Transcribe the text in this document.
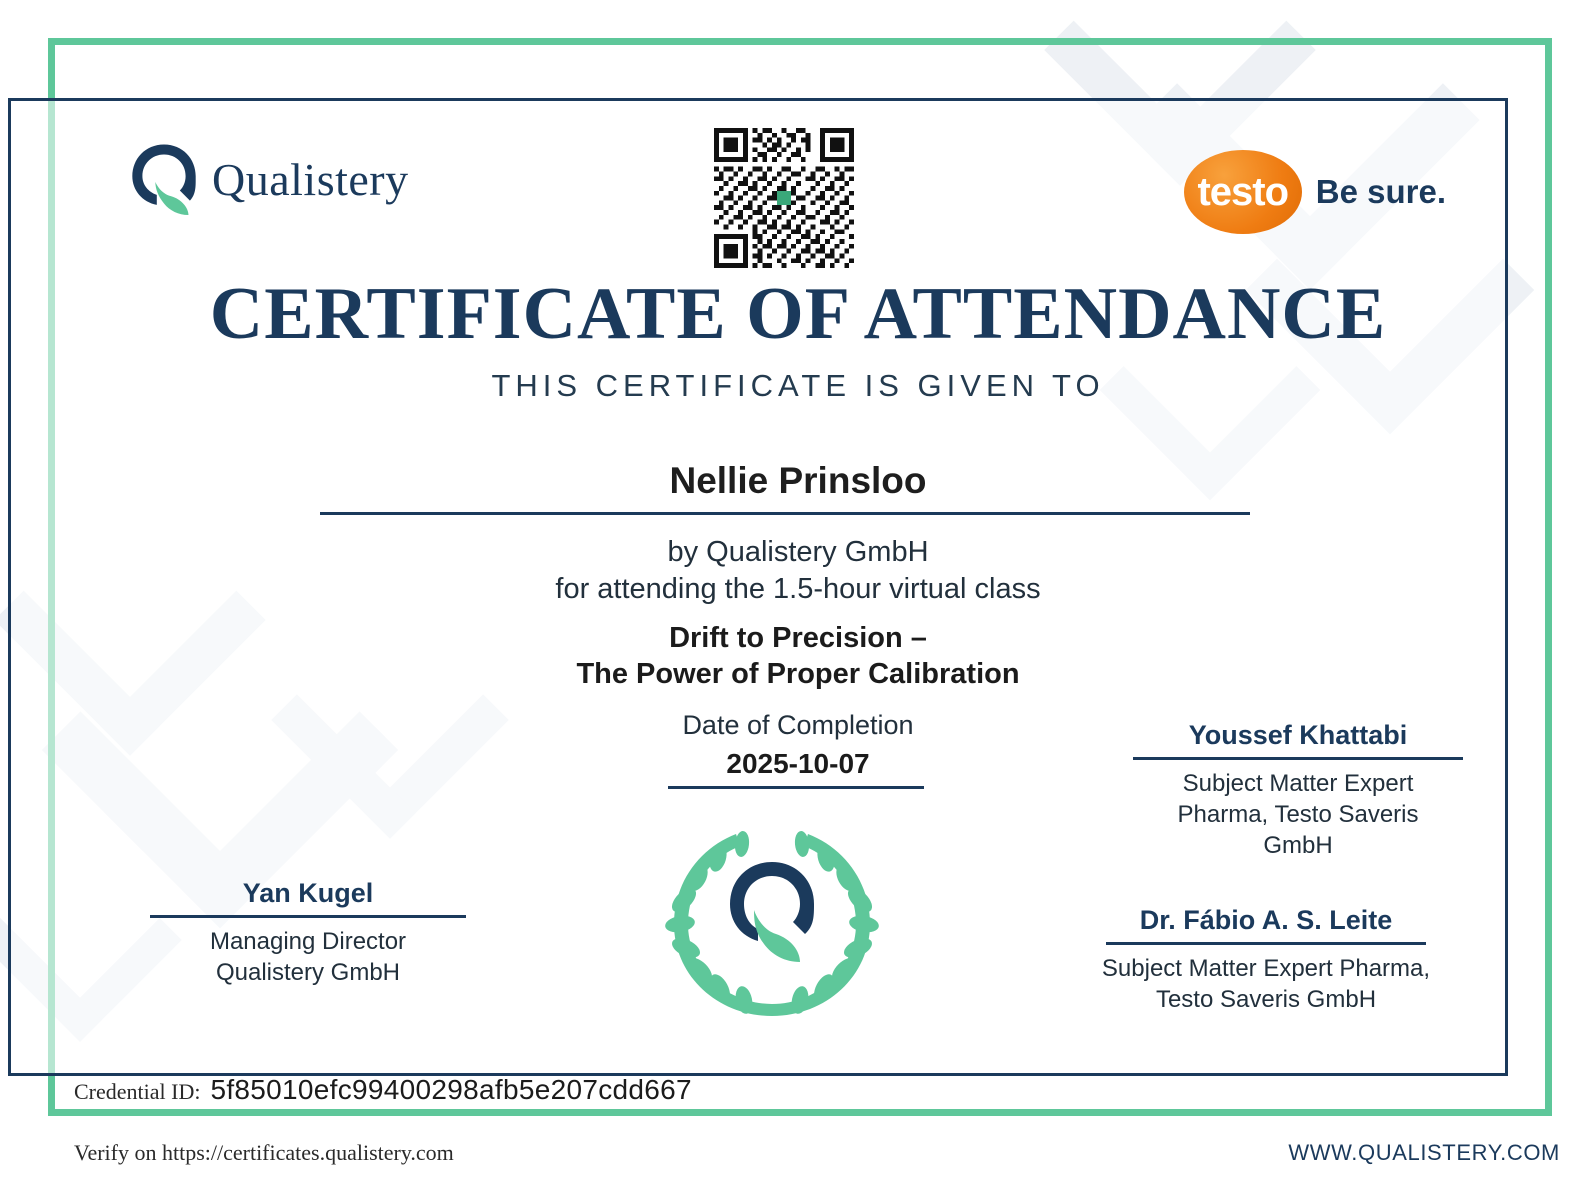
Qualistery	testo Be sure.
CERTIFICATE OF ATTENDANCE
THIS CERTIFICATE IS GIVEN TO
Nellie Prinsloo
by Qualistery GmbH
for attending the 1.5-hour virtual class
Drift to Precision –
The Power of Proper Calibration
Date of Completion
2025-10-07
Yan Kugel
Managing Director
Qualistery GmbH
Youssef Khattabi
Subject Matter Expert
Pharma, Testo Saveris
GmbH
Dr. Fábio A. S. Leite
Subject Matter Expert Pharma,
Testo Saveris GmbH
Credential ID: 5f85010efc99400298afb5e207cdd667
Verify on https://certificates.qualistery.com	WWW.QUALISTERY.COM
